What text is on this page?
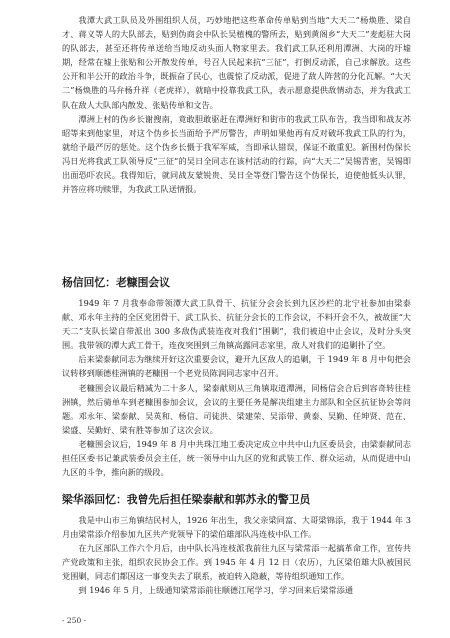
我潭大武工队员及外围组织人员，巧妙地把这些革命传单贴到当地“大天二”杨焕胜、梁自才、蒋义等人的大队部去，贴到伪商会中队长吴植槐的警所去，贴到黄阁乡“大天二”麦彪驻大岗的队部去，甚至还将传单送给当地反动头面人物家里去。我们武工队还利用潭洲、大岗的圩墟期，经常在墟上张贴和公开散发传单，号召人民起来抗“三征”，打倒反动派，自己求解放。这些公开和半公开的政治斗争，既振奋了民心，也震惊了反动派，促进了敌人阵营的分化瓦解。“大天二”杨焕胜的马弁杨升祥（老虎祥），就暗中投靠我武工队，表示愿意提供敌情动态，并为我武工队在敌人大队部内散发、张贴传单和文告。

潭洲上村的伪乡长谢搜南，竟敢胆敢驱赶在潭洲好和街市的我武工队布告，我当即和战友苏昭等来到他家里，对这个伪乡长当面给予严厉警告，声明如果他再有反对破坏我武工队的行为，就给予最严厉的惩处。这个伪乡长慑于我军军威，当即承认错误，保证不敢重犯。新围村伪保长冯日光将我武工队领导反“三征”的吴日全同志在该村活动的行踪，向“大天二”吴锡青密，吴锡即出面恐吓农民。我得知后，就同战友蒙锐贵、吴日全等登门警告这个伪保长，迫使他低头认罪，并答应将功赎罪，为我武工队送情报。

杨信回忆：老糠围会议

1949 年 7 月我奉命带领潭大武工队骨干、抗征分会会长到九区沙栏的北宁社参加由梁泰献、邓永年主持的全区党团骨干、武工队长、抗征分会长的工作会议，不料开会不久，被故匪“大天二”支队长梁自带派出 300 多敌伪武装连夜对我们“围剿”，我们被迫中止会议，及时分头突围。我带领的潭大武工骨干，连夜突围到三角镇高露同志家里，敌人对我们的追剿扑了空。

后来梁泰献同志为继续开好这次重要会议，避开九区敌人的追剿，于 1949 年 8 月中旬把会议转移到顺德桂洲镇的老糠围一个老党员陈润同志家中召开。

老糠围会议最后精减为二十多人，梁泰献则从三角镇取道潭洲，同杨信会合后到容奇转往桂洲镇，然后骑单车到老糠围参加会议，会议的主要任务是解决组建主力部队和全区抗征协会等问题。邓永年、梁泰献、吴英和、杨信、司徒洪、梁建荣、吴添带、黄泰、吴勤、任坤贤、范在、梁盛、吴勤好、梁有胜等参加了这次会议。

老糠围会议后，1949 年 8 月中共珠江地工委决定成立中共中山九区委员会，由梁泰献同志担任区委书记兼武装委员会主任，统一领导中山九区的党和武装工作、群众运动，从而促进中山九区的斗争，推向新的级段。

梁华添回忆：我曾先后担任梁泰献和郭苏永的警卫员

我是中山市三角镇结民村人，1926 年出生，我父亲梁同富、大哥梁锦添，我于 1944 年 3 月由梁常添介绍参加九区共产党领导下的梁伯雄部队冯连枝中队工作。

在九区部队工作六个月后，由中队长冯连枝派我前往九区与梁常添一起搞革命工作，宣传共产党政策和主张，组织农民协会工作。到 1945 年 4 月 12 日（农历），九区梁伯雄大队被国民党围剿，同志们都因这一事变失去了联系，被迫转入隐蔽，等待组织通知工作。

到 1946 年 5 月，上级通知梁常添前往顺德江尾学习，学习回来后梁常添通

- 250 -
